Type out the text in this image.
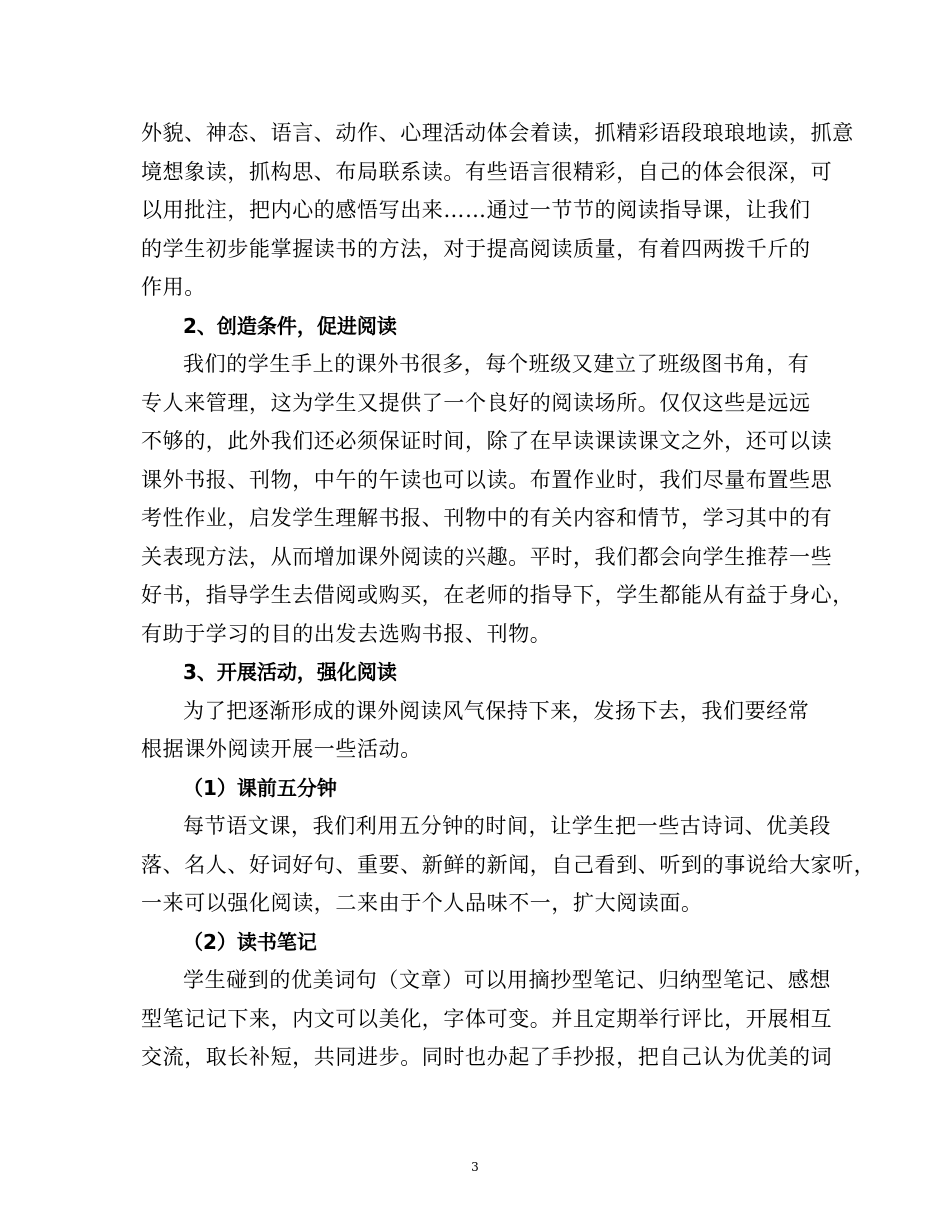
外貌、神态、语言、动作、心理活动体会着读，抓精彩语段琅琅地读，抓意
境想象读，抓构思、布局联系读。有些语言很精彩，自己的体会很深，可
以用批注，把内心的感悟写出来……通过一节节的阅读指导课，让我们
的学生初步能掌握读书的方法，对于提高阅读质量，有着四两拨千斤的
作用。
2、创造条件，促进阅读
我们的学生手上的课外书很多，每个班级又建立了班级图书角，有
专人来管理，这为学生又提供了一个良好的阅读场所。仅仅这些是远远
不够的，此外我们还必须保证时间，除了在早读课读课文之外，还可以读
课外书报、刊物，中午的午读也可以读。布置作业时，我们尽量布置些思
考性作业，启发学生理解书报、刊物中的有关内容和情节，学习其中的有
关表现方法，从而增加课外阅读的兴趣。平时，我们都会向学生推荐一些
好书，指导学生去借阅或购买，在老师的指导下，学生都能从有益于身心，
有助于学习的目的出发去选购书报、刊物。
3、开展活动，强化阅读
为了把逐渐形成的课外阅读风气保持下来，发扬下去，我们要经常
根据课外阅读开展一些活动。
（1）课前五分钟
每节语文课，我们利用五分钟的时间，让学生把一些古诗词、优美段
落、名人、好词好句、重要、新鲜的新闻，自己看到、听到的事说给大家听，
一来可以强化阅读，二来由于个人品味不一，扩大阅读面。
（2）读书笔记
学生碰到的优美词句（文章）可以用摘抄型笔记、归纳型笔记、感想
型笔记记下来，内文可以美化，字体可变。并且定期举行评比，开展相互
交流，取长补短，共同进步。同时也办起了手抄报，把自己认为优美的词
3
